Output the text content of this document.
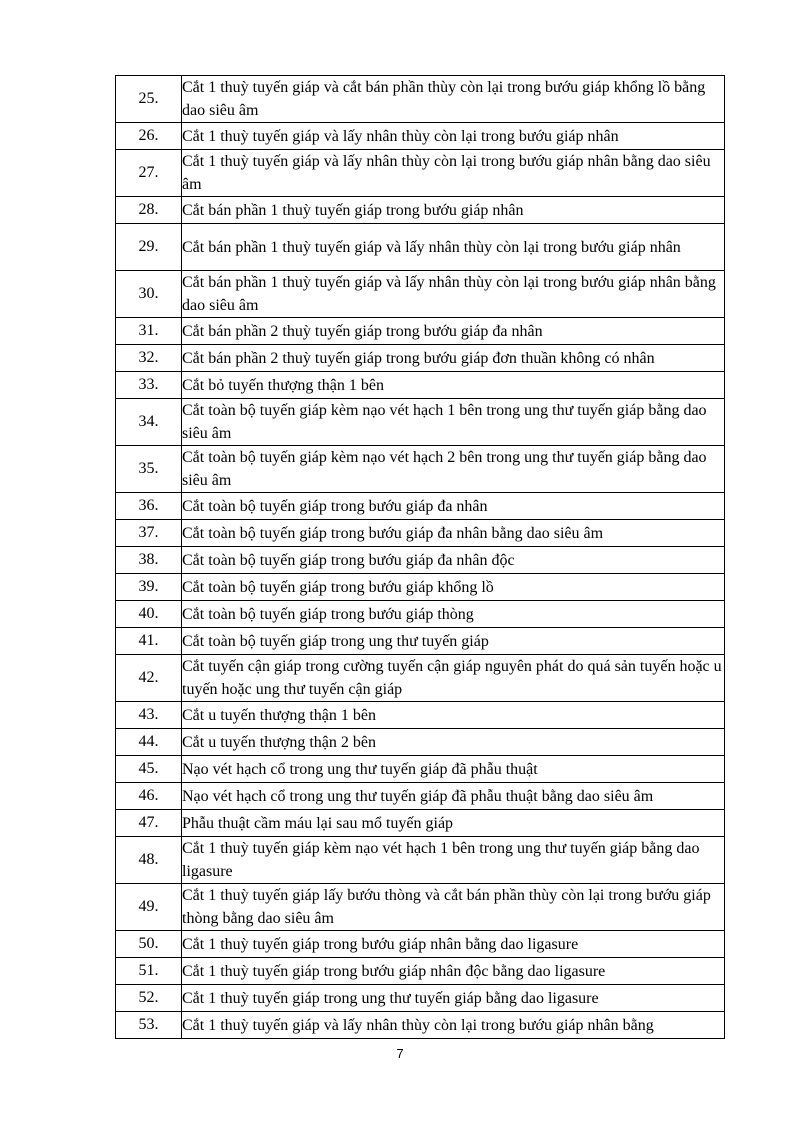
25.	Cắt 1 thuỳ tuyến giáp và cắt bán phần thùy còn lại trong bướu giáp khổng lồ bằng dao siêu âm
26.	Cắt 1 thuỳ tuyến giáp và lấy nhân thùy còn lại trong bướu giáp nhân
27.	Cắt 1 thuỳ tuyến giáp và lấy nhân thùy còn lại trong bướu giáp nhân bằng dao siêu âm
28.	Cắt bán phần 1 thuỳ tuyến giáp trong bướu giáp nhân
29.	Cắt bán phần 1 thuỳ tuyến giáp và lấy nhân thùy còn lại trong bướu giáp nhân
30.	Cắt bán phần 1 thuỳ tuyến giáp và lấy nhân thùy còn lại trong bướu giáp nhân bằng dao siêu âm
31.	Cắt bán phần 2 thuỳ tuyến giáp trong bướu giáp đa nhân
32.	Cắt bán phần 2 thuỳ tuyến giáp trong bướu giáp đơn thuần không có nhân
33.	Cắt bỏ tuyến thượng thận 1 bên
34.	Cắt toàn bộ tuyến giáp kèm nạo vét hạch 1 bên trong ung thư tuyến giáp bằng dao siêu âm
35.	Cắt toàn bộ tuyến giáp kèm nạo vét hạch 2 bên trong ung thư tuyến giáp bằng dao siêu âm
36.	Cắt toàn bộ tuyến giáp trong bướu giáp đa nhân
37.	Cắt toàn bộ tuyến giáp trong bướu giáp đa nhân bằng dao siêu âm
38.	Cắt toàn bộ tuyến giáp trong bướu giáp đa nhân độc
39.	Cắt toàn bộ tuyến giáp trong bướu giáp khổng lồ
40.	Cắt toàn bộ tuyến giáp trong bướu giáp thòng
41.	Cắt toàn bộ tuyến giáp trong ung thư tuyến giáp
42.	Cắt tuyến cận giáp trong cường tuyến cận giáp nguyên phát do quá sản tuyến hoặc u tuyến hoặc ung thư tuyến cận giáp
43.	Cắt u tuyến thượng thận 1 bên
44.	Cắt u tuyến thượng thận 2 bên
45.	Nạo vét hạch cổ trong ung thư tuyến giáp đã phẫu thuật
46.	Nạo vét hạch cổ trong ung thư tuyến giáp đã phẫu thuật bằng dao siêu âm
47.	Phẫu thuật cầm máu lại sau mổ tuyến giáp
48.	Cắt 1 thuỳ tuyến giáp kèm nạo vét hạch 1 bên trong ung thư tuyến giáp bằng dao ligasure
49.	Cắt 1 thuỳ tuyến giáp lấy bướu thòng và cắt bán phần thùy còn lại trong bướu giáp thòng bằng dao siêu âm
50.	Cắt 1 thuỳ tuyến giáp trong bướu giáp nhân bằng dao ligasure
51.	Cắt 1 thuỳ tuyến giáp trong bướu giáp nhân độc bằng dao ligasure
52.	Cắt 1 thuỳ tuyến giáp trong ung thư tuyến giáp bằng dao ligasure
53.	Cắt 1 thuỳ tuyến giáp và lấy nhân thùy còn lại trong bướu giáp nhân bằng
7
